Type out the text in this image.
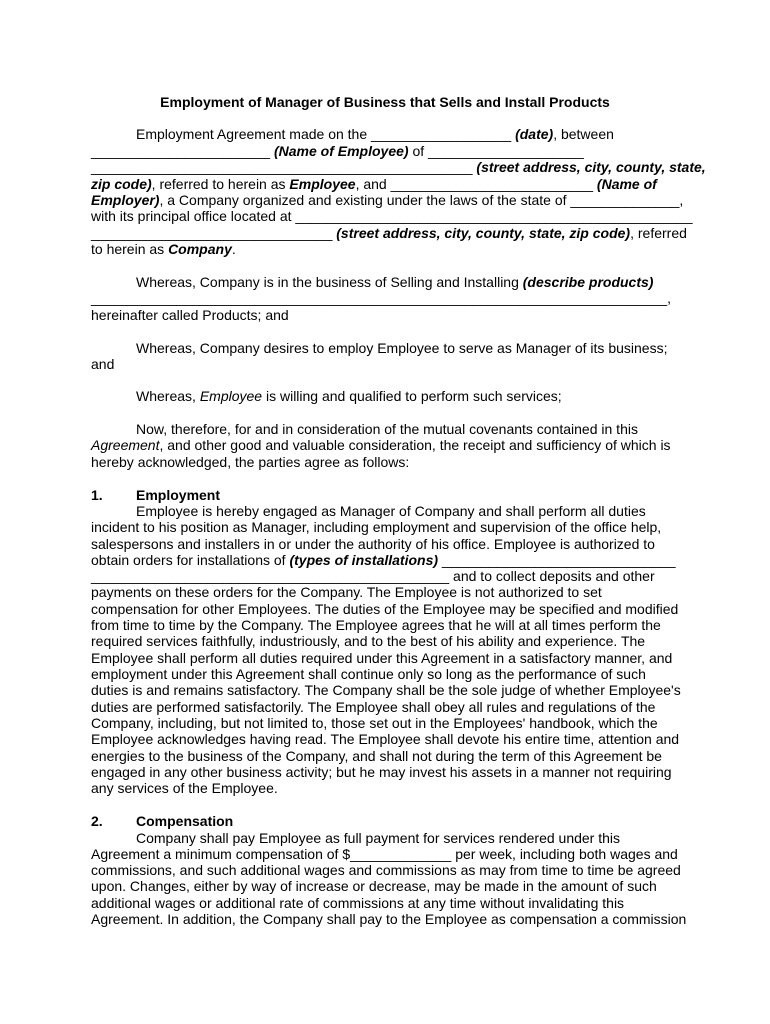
Employment of Manager of Business that Sells and Install Products
Employment Agreement made on the __________________ (date), between
_______________________ (Name of Employee) of ____________________
_________________________________________________ (street address, city, county, state,
zip code), referred to herein as Employee, and __________________________ (Name of
Employer), a Company organized and existing under the laws of the state of ______________,
with its principal office located at ___________________________________________________
_______________________________ (street address, city, county, state, zip code), referred
to herein as Company.
Whereas, Company is in the business of Selling and Installing (describe products)
__________________________________________________________________________,
hereinafter called Products; and
Whereas, Company desires to employ Employee to serve as Manager of its business;
and
Whereas, Employee is willing and qualified to perform such services;
Now, therefore, for and in consideration of the mutual covenants contained in this
Agreement, and other good and valuable consideration, the receipt and sufficiency of which is
hereby acknowledged, the parties agree as follows:
1. Employment
Employee is hereby engaged as Manager of Company and shall perform all duties
incident to his position as Manager, including employment and supervision of the office help,
salespersons and installers in or under the authority of his office. Employee is authorized to
obtain orders for installations of (types of installations) ______________________________
______________________________________________ and to collect deposits and other
payments on these orders for the Company. The Employee is not authorized to set
compensation for other Employees. The duties of the Employee may be specified and modified
from time to time by the Company. The Employee agrees that he will at all times perform the
required services faithfully, industriously, and to the best of his ability and experience. The
Employee shall perform all duties required under this Agreement in a satisfactory manner, and
employment under this Agreement shall continue only so long as the performance of such
duties is and remains satisfactory. The Company shall be the sole judge of whether Employee's
duties are performed satisfactorily. The Employee shall obey all rules and regulations of the
Company, including, but not limited to, those set out in the Employees' handbook, which the
Employee acknowledges having read. The Employee shall devote his entire time, attention and
energies to the business of the Company, and shall not during the term of this Agreement be
engaged in any other business activity; but he may invest his assets in a manner not requiring
any services of the Employee.
2. Compensation
Company shall pay Employee as full payment for services rendered under this
Agreement a minimum compensation of $_____________ per week, including both wages and
commissions, and such additional wages and commissions as may from time to time be agreed
upon. Changes, either by way of increase or decrease, may be made in the amount of such
additional wages or additional rate of commissions at any time without invalidating this
Agreement. In addition, the Company shall pay to the Employee as compensation a commission
